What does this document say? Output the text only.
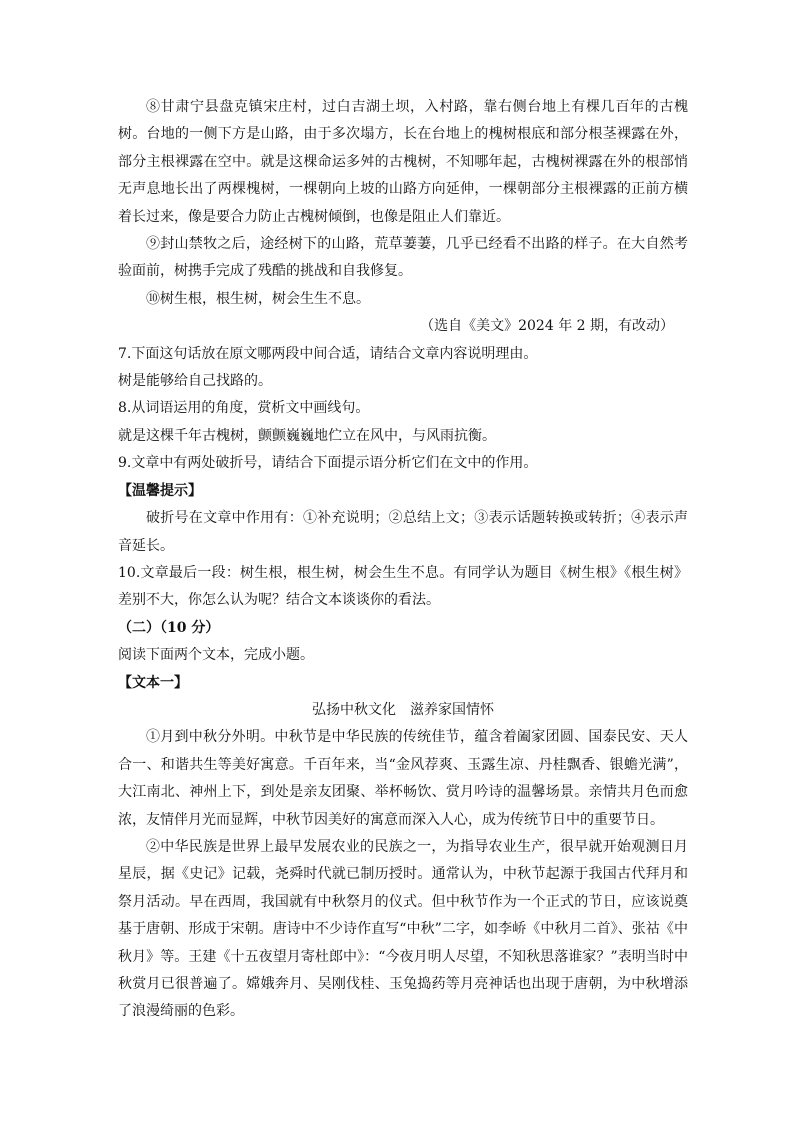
⑧甘肃宁县盘克镇宋庄村，过白吉湖土坝，入村路，靠右侧台地上有棵几百年的古槐树。台地的一侧下方是山路，由于多次塌方，长在台地上的槐树根底和部分根茎裸露在外，部分主根裸露在空中。就是这棵命运多舛的古槐树，不知哪年起，古槐树裸露在外的根部悄无声息地长出了两棵槐树，一棵朝向上坡的山路方向延伸，一棵朝部分主根裸露的正前方横着长过来，像是要合力防止古槐树倾倒，也像是阻止人们靠近。

⑨封山禁牧之后，途经树下的山路，荒草萋萋，几乎已经看不出路的样子。在大自然考验面前，树携手完成了残酷的挑战和自我修复。

⑩树生根，根生树，树会生生不息。

（选自《美文》2024 年 2 期，有改动）

7.下面这句话放在原文哪两段中间合适，请结合文章内容说明理由。

树是能够给自己找路的。

8.从词语运用的角度，赏析文中画线句。

就是这棵千年古槐树，颤颤巍巍地伫立在风中，与风雨抗衡。

9.文章中有两处破折号，请结合下面提示语分析它们在文中的作用。

【温馨提示】

破折号在文章中作用有：①补充说明；②总结上文；③表示话题转换或转折；④表示声音延长。

10.文章最后一段：树生根，根生树，树会生生不息。有同学认为题目《树生根》《根生树》差别不大，你怎么认为呢？结合文本谈谈你的看法。

（二）（10 分）

阅读下面两个文本，完成小题。

【文本一】

弘扬中秋文化　滋养家国情怀

①月到中秋分外明。中秋节是中华民族的传统佳节，蕴含着阖家团圆、国泰民安、天人合一、和谐共生等美好寓意。千百年来，当“金风荐爽、玉露生凉、丹桂飘香、银蟾光满”，大江南北、神州上下，到处是亲友团聚、举杯畅饮、赏月吟诗的温馨场景。亲情共月色而愈浓，友情伴月光而显辉，中秋节因美好的寓意而深入人心，成为传统节日中的重要节日。

②中华民族是世界上最早发展农业的民族之一，为指导农业生产，很早就开始观测日月星辰，据《史记》记载，尧舜时代就已制历授时。通常认为，中秋节起源于我国古代拜月和祭月活动。早在西周，我国就有中秋祭月的仪式。但中秋节作为一个正式的节日，应该说奠基于唐朝、形成于宋朝。唐诗中不少诗作直写“中秋”二字，如李峤《中秋月二首》、张祜《中秋月》等。王建《十五夜望月寄杜郎中》：“今夜月明人尽望，不知秋思落谁家？”表明当时中秋赏月已很普遍了。嫦娥奔月、吴刚伐桂、玉兔捣药等月亮神话也出现于唐朝，为中秋增添了浪漫绮丽的色彩。
